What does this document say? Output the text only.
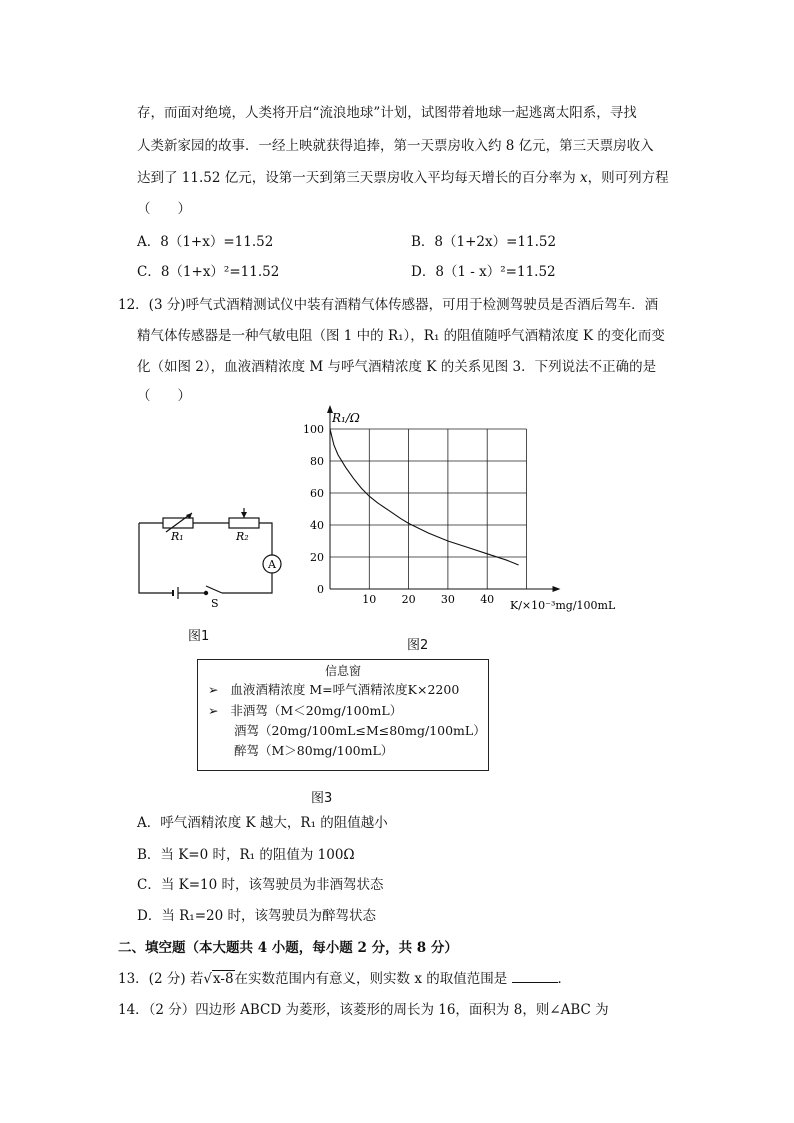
存，而面对绝境，人类将开启“流浪地球”计划，试图带着地球一起逃离太阳系，寻找
人类新家园的故事．一经上映就获得追捧，第一天票房收入约 8 亿元，第三天票房收入
达到了 11.52 亿元，设第一天到第三天票房收入平均每天增长的百分率为 x，则可列方程
（　　）
A．8（1+x）=11.52	B．8（1+2x）=11.52
C．8（1+x）²=11.52	D．8（1 - x）²=11.52
12．(3 分)呼气式酒精测试仪中装有酒精气体传感器，可用于检测驾驶员是否酒后驾车．酒
精气体传感器是一种气敏电阻（图 1 中的 R₁），R₁ 的阻值随呼气酒精浓度 K 的变化而变
化（如图 2），血液酒精浓度 M 与呼气酒精浓度 K 的关系见图 3．下列说法不正确的是
（　　）
R₁	R₂
A
S
图1
10 20 30 40
0
20
40
60
80
100
R₁/Ω
K/×10⁻³mg/100mL
图2
信息窗
➢ 血液酒精浓度 M=呼气酒精浓度K×2200
➢ 非酒驾（M＜20mg/100mL）
酒驾（20mg/100mL≤M≤80mg/100mL）
醉驾（M＞80mg/100mL）
图3
A．呼气酒精浓度 K 越大，R₁ 的阻值越小
B．当 K=0 时，R₁ 的阻值为 100Ω
C．当 K=10 时，该驾驶员为非酒驾状态
D．当 R₁=20 时，该驾驶员为醉驾状态
二、填空题（本大题共 4 小题，每小题 2 分，共 8 分）
13．(2 分) 若√x-8在实数范围内有意义，则实数 x 的取值范围是	．
14．（2 分）四边形 ABCD 为菱形，该菱形的周长为 16，面积为 8，则∠ABC 为
